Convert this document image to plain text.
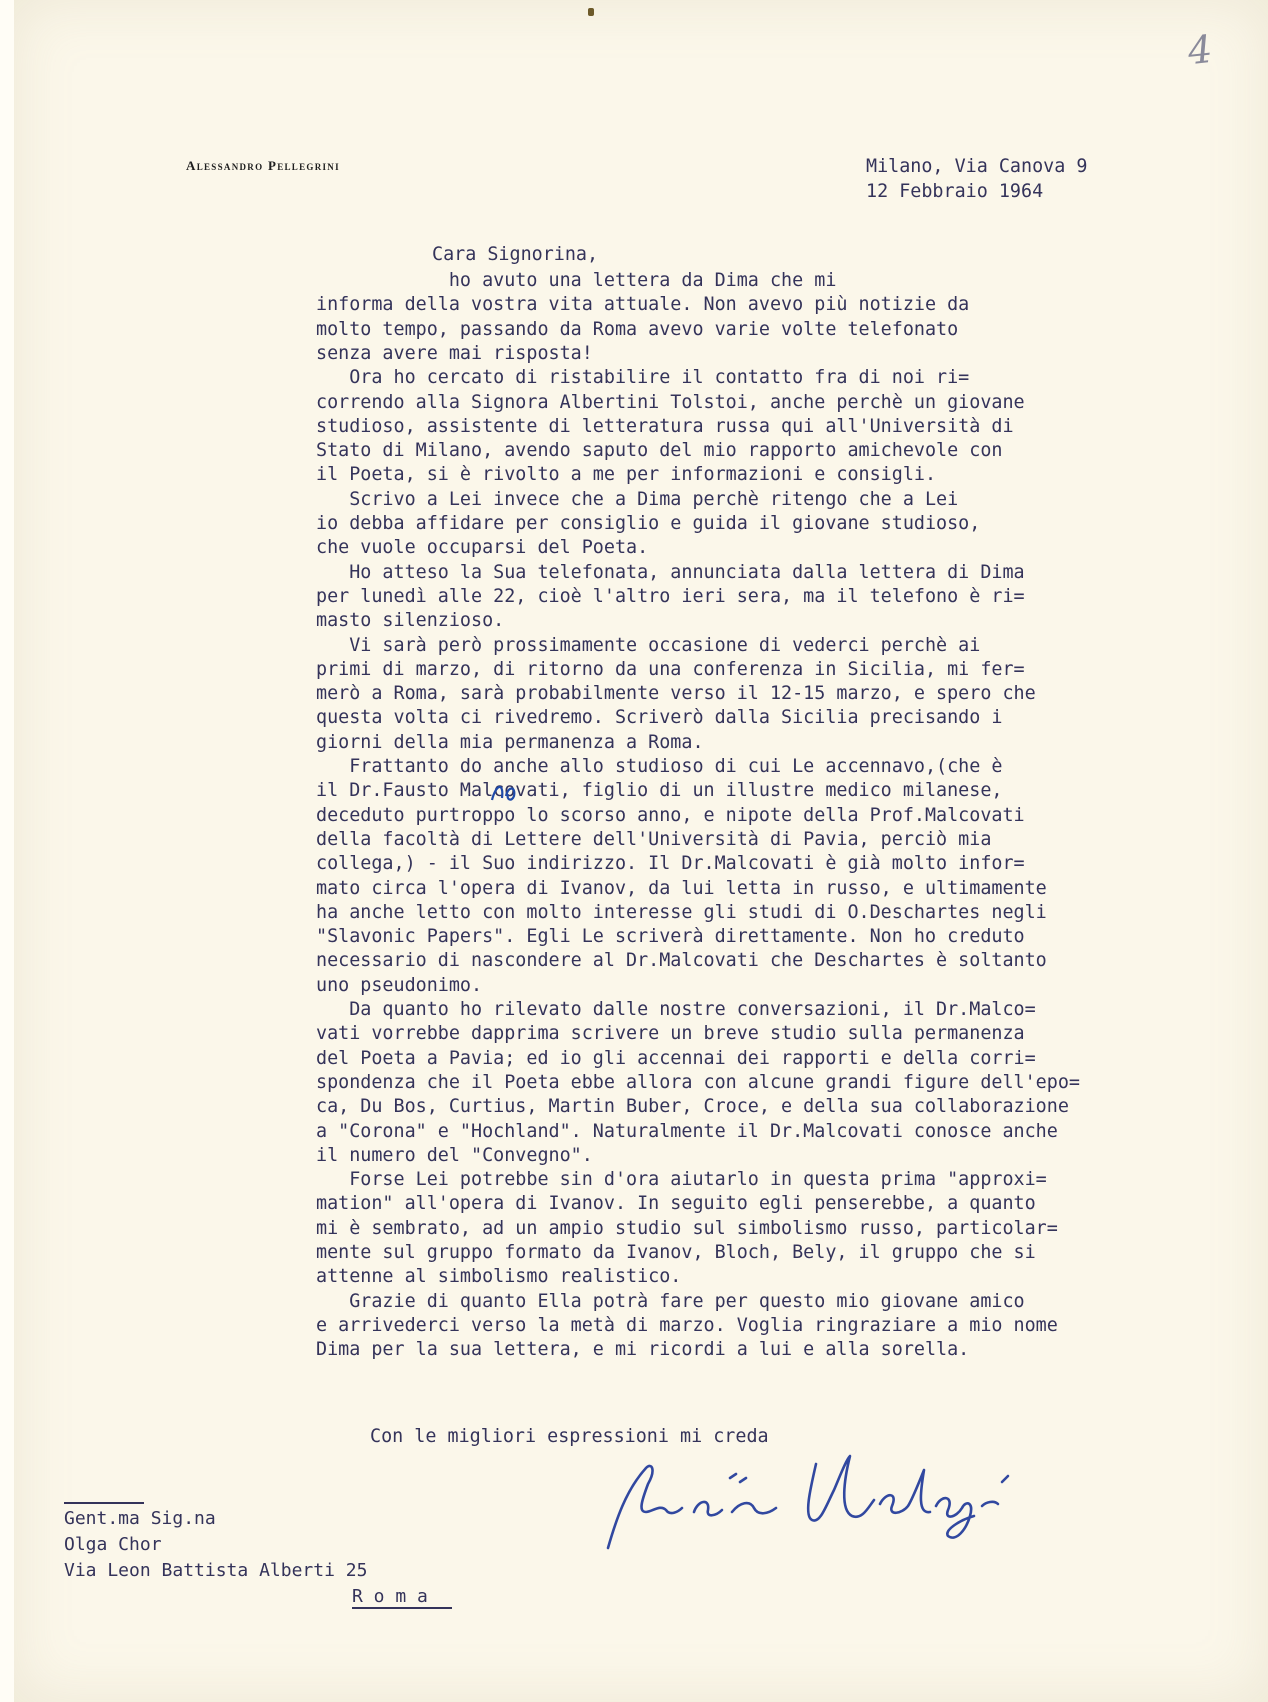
4
Alessandro Pellegrini	Milano, Via Canova 9
12 Febbraio 1964
Cara Signorina,
ho avuto una lettera da Dima che mi
informa della vostra vita attuale. Non avevo più notizie da
molto tempo, passando da Roma avevo varie volte telefonato
senza avere mai risposta!
Ora ho cercato di ristabilire il contatto fra di noi ri=
correndo alla Signora Albertini Tolstoi, anche perchè un giovane
studioso, assistente di letteratura russa qui all'Università di
Stato di Milano, avendo saputo del mio rapporto amichevole con
il Poeta, si è rivolto a me per informazioni e consigli.
Scrivo a Lei invece che a Dima perchè ritengo che a Lei
io debba affidare per consiglio e guida il giovane studioso,
che vuole occuparsi del Poeta.
Ho atteso la Sua telefonata, annunciata dalla lettera di Dima
per lunedì alle 22, cioè l'altro ieri sera, ma il telefono è ri=
masto silenzioso.
Vi sarà però prossimamente occasione di vederci perchè ai
primi di marzo, di ritorno da una conferenza in Sicilia, mi fer=
merò a Roma, sarà probabilmente verso il 12-15 marzo, e spero che
questa volta ci rivedremo. Scriverò dalla Sicilia precisando i
giorni della mia permanenza a Roma.
Frattanto do anche allo studioso di cui Le accennavo,(che è
il Dr.Fausto Malcovati, figlio di un illustre medico milanese,
deceduto purtroppo lo scorso anno, e nipote della Prof.Malcovati
della facoltà di Lettere dell'Università di Pavia, perciò mia
collega,) - il Suo indirizzo. Il Dr.Malcovati è già molto infor=
mato circa l'opera di Ivanov, da lui letta in russo, e ultimamente
ha anche letto con molto interesse gli studi di O.Deschartes negli
"Slavonic Papers". Egli Le scriverà direttamente. Non ho creduto
necessario di nascondere al Dr.Malcovati che Deschartes è soltanto
uno pseudonimo.
Da quanto ho rilevato dalle nostre conversazioni, il Dr.Malco=
vati vorrebbe dapprima scrivere un breve studio sulla permanenza
del Poeta a Pavia; ed io gli accennai dei rapporti e della corri=
spondenza che il Poeta ebbe allora con alcune grandi figure dell'epo=
ca, Du Bos, Curtius, Martin Buber, Croce, e della sua collaborazione
a "Corona" e "Hochland". Naturalmente il Dr.Malcovati conosce anche
il numero del "Convegno".
Forse Lei potrebbe sin d'ora aiutarlo in questa prima "approxi=
mation" all'opera di Ivanov. In seguito egli penserebbe, a quanto
mi è sembrato, ad un ampio studio sul simbolismo russo, particolar=
mente sul gruppo formato da Ivanov, Bloch, Bely, il gruppo che si
attenne al simbolismo realistico.
Grazie di quanto Ella potrà fare per questo mio giovane amico
e arrivederci verso la metà di marzo. Voglia ringraziare a mio nome
Dima per la sua lettera, e mi ricordi a lui e alla sorella.
Con le migliori espressioni mi creda
Gent.ma Sig.na
Olga Chor
Via Leon Battista Alberti 25
R o m a
